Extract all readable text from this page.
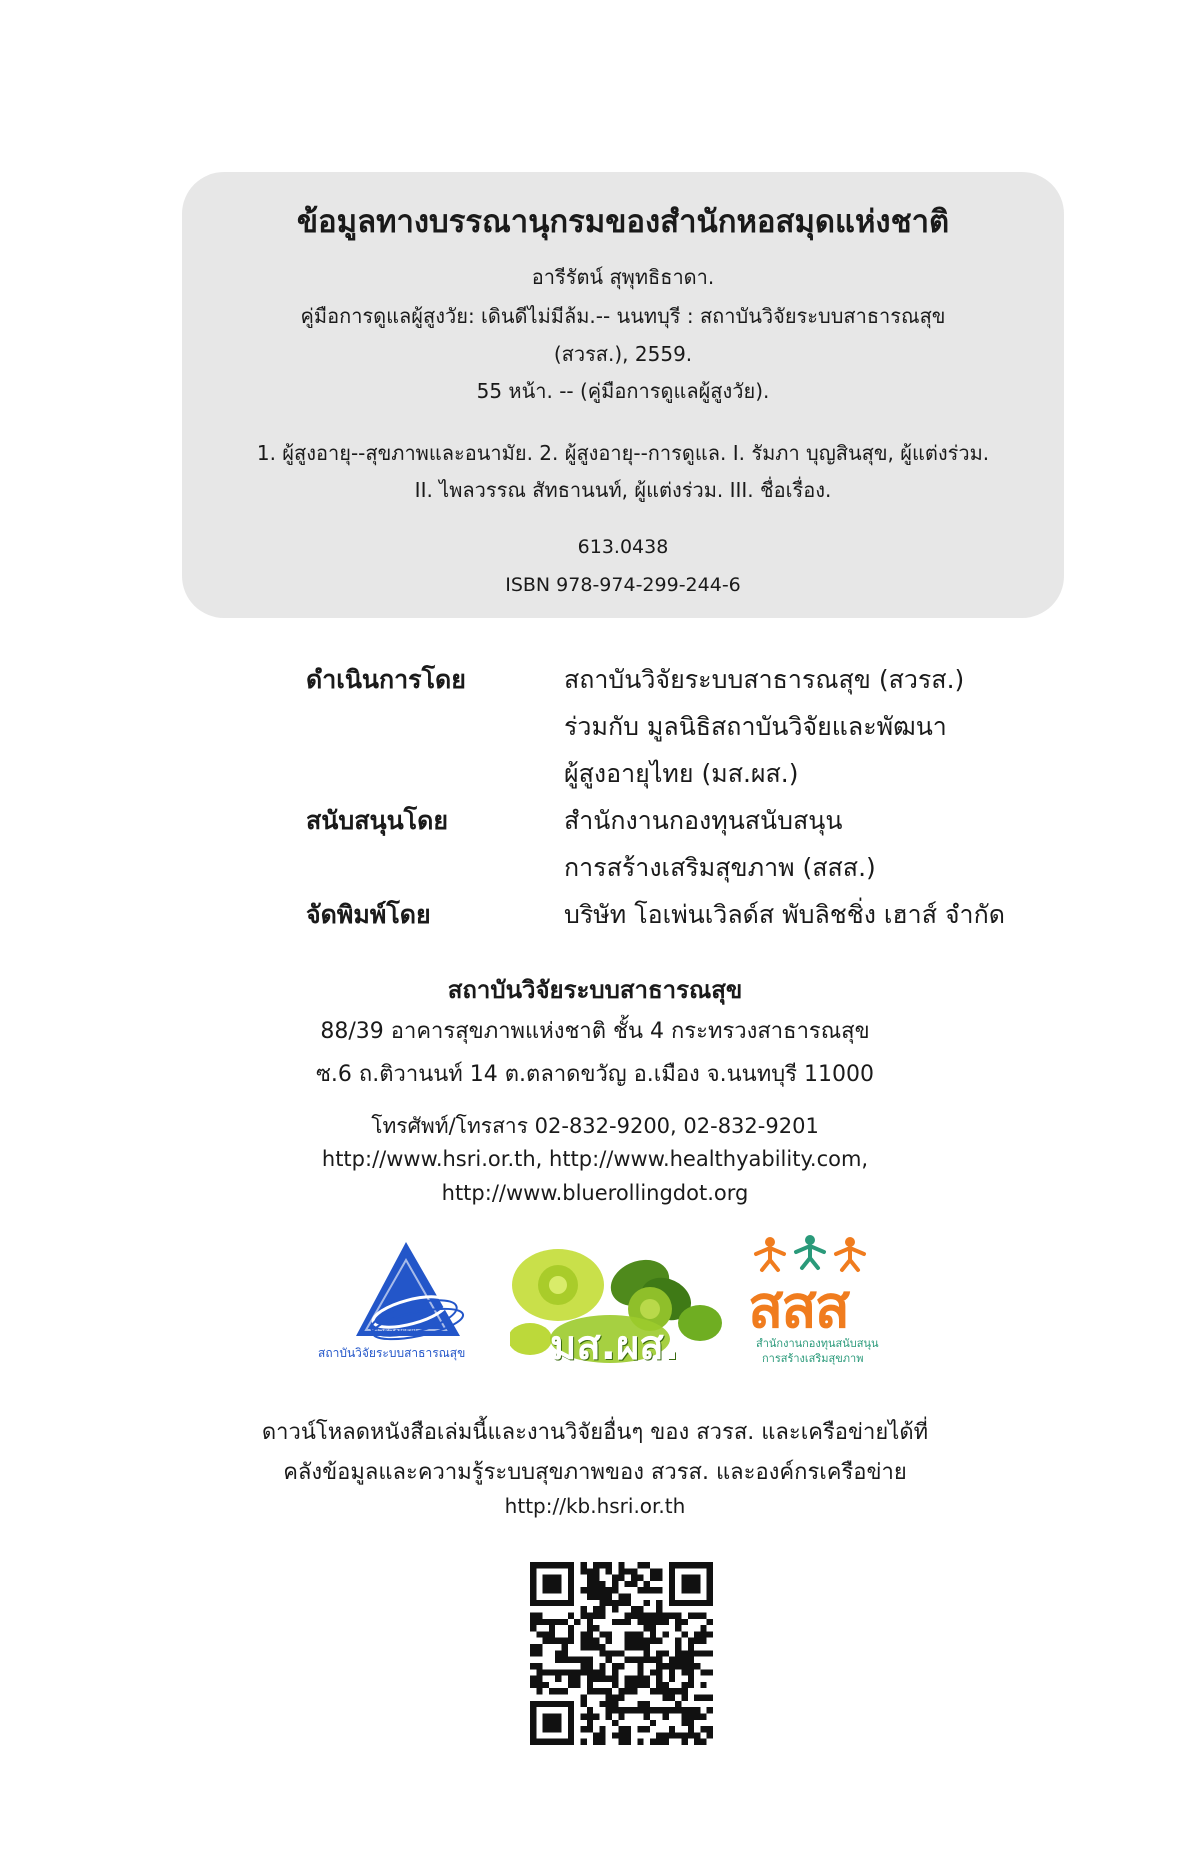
ข้อมูลทางบรรณานุกรมของสำนักหอสมุดแห่งชาติ
อารีรัตน์ สุพุทธิธาดา.
คู่มือการดูแลผู้สูงวัย: เดินดีไม่มีล้ม.-- นนทบุรี : สถาบันวิจัยระบบสาธารณสุข
(สวรส.), 2559.
55 หน้า. -- (คู่มือการดูแลผู้สูงวัย).
1. ผู้สูงอายุ--สุขภาพและอนามัย. 2. ผู้สูงอายุ--การดูแล. I. รัมภา บุญสินสุข, ผู้แต่งร่วม.
II. ไพลวรรณ สัทธานนท์, ผู้แต่งร่วม. III. ชื่อเรื่อง.
613.0438
ISBN 978-974-299-244-6
ดำเนินการโดย	สถาบันวิจัยระบบสาธารณสุข (สวรส.)
ร่วมกับ มูลนิธิสถาบันวิจัยและพัฒนา
ผู้สูงอายุไทย (มส.ผส.)
สนับสนุนโดย	สำนักงานกองทุนสนับสนุน
การสร้างเสริมสุขภาพ (สสส.)
จัดพิมพ์โดย	บริษัท โอเพ่นเวิลด์ส พับลิชชิ่ง เฮาส์ จำกัด
สถาบันวิจัยระบบสาธารณสุข
88/39 อาคารสุขภาพแห่งชาติ ชั้น 4 กระทรวงสาธารณสุข
ซ.6 ถ.ติวานนท์ 14 ต.ตลาดขวัญ อ.เมือง จ.นนทบุรี 11000
โทรศัพท์/โทรสาร 02-832-9200, 02-832-9201
http://www.hsri.or.th, http://www.healthyability.com,
http://www.bluerollingdot.org
สวรส•พรฟ
สถาบันวิจัยระบบสาธารณสุข มส.ผส.
สสส
สำนักงานกองทุนสนับสนุน
การสร้างเสริมสุขภาพ
ดาวน์โหลดหนังสือเล่มนี้และงานวิจัยอื่นๆ ของ สวรส. และเครือข่ายได้ที่
คลังข้อมูลและความรู้ระบบสุขภาพของ สวรส. และองค์กรเครือข่าย
http://kb.hsri.or.th
